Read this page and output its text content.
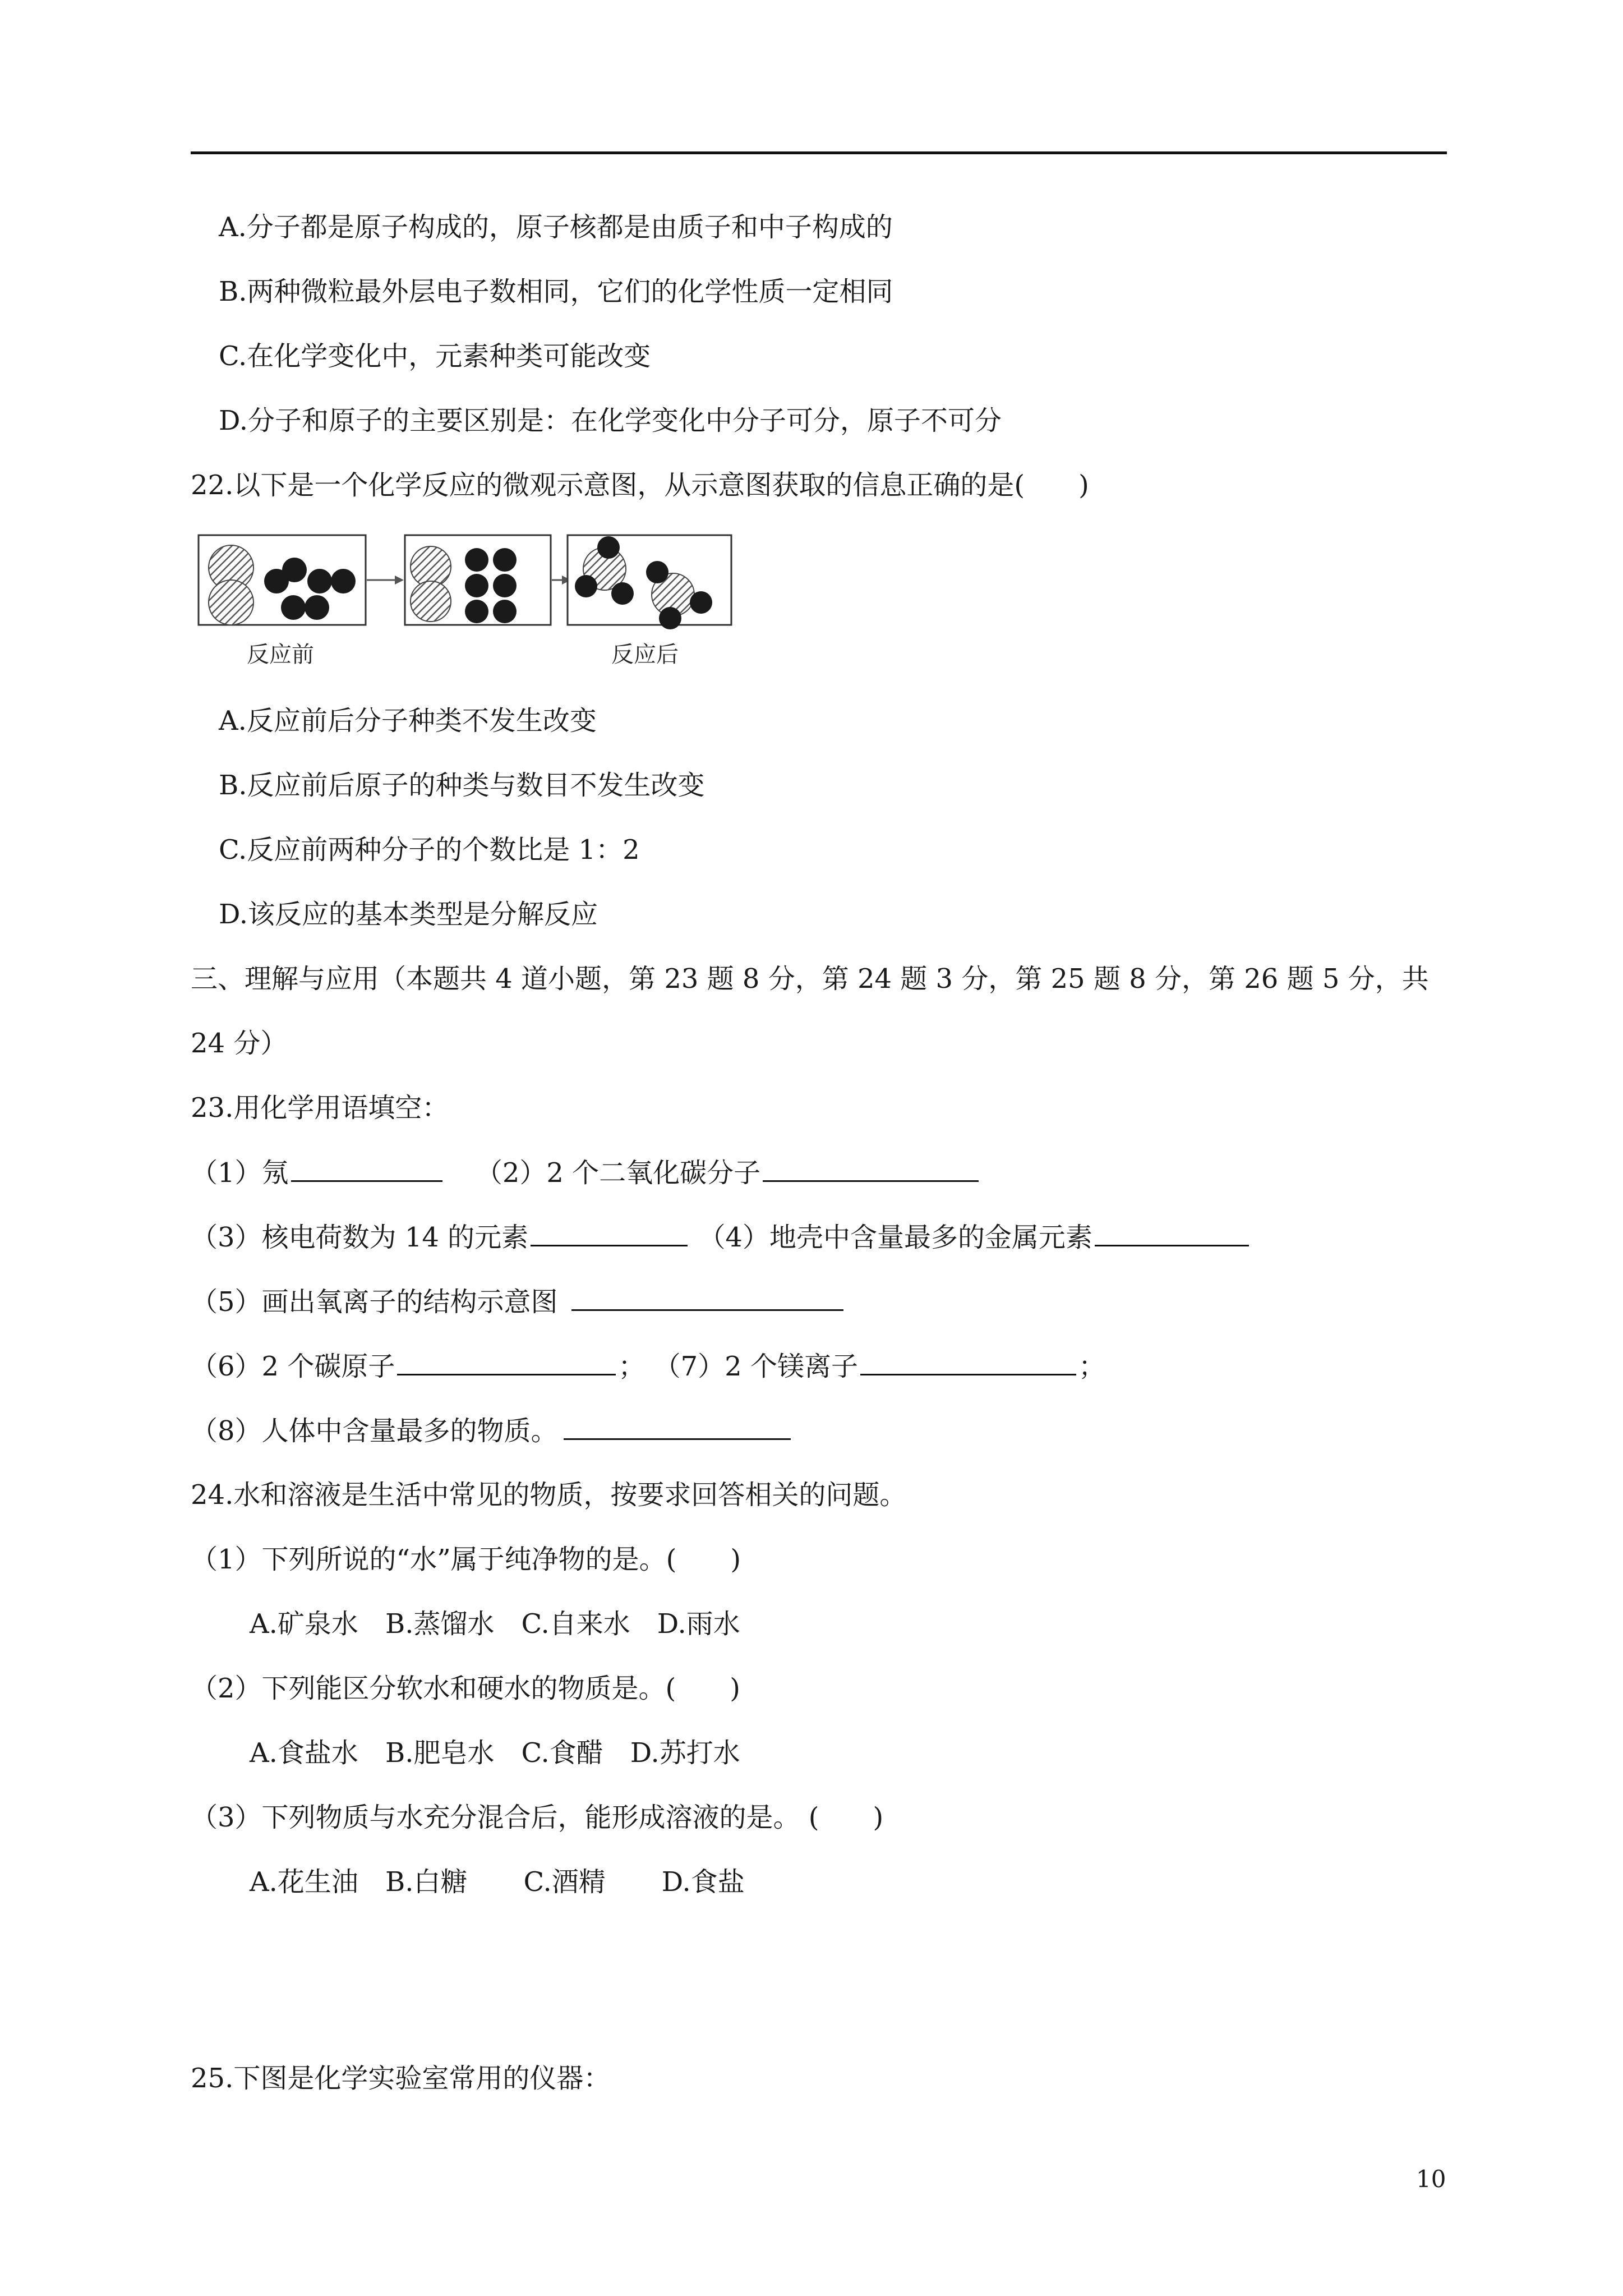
A.分子都是原子构成的，原子核都是由质子和中子构成的
B.两种微粒最外层电子数相同，它们的化学性质一定相同
C.在化学变化中，元素种类可能改变
D.分子和原子的主要区别是：在化学变化中分子可分，原子不可分
22.以下是一个化学反应的微观示意图，从示意图获取的信息正确的是(　　)
反应前	反应后
A.反应前后分子种类不发生改变
B.反应前后原子的种类与数目不发生改变
C.反应前两种分子的个数比是 1：2
D.该反应的基本类型是分解反应
三、理解与应用（本题共 4 道小题，第 23 题 8 分，第 24 题 3 分，第 25 题 8 分，第 26 题 5 分，共
24 分）
23.用化学用语填空：
（1）氖	（2）2 个二氧化碳分子
（3）核电荷数为 14 的元素	（4）地壳中含量最多的金属元素
（5）画出氧离子的结构示意图
（6）2 个碳原子	； （7）2 个镁离子	；
（8）人体中含量最多的物质。
24.水和溶液是生活中常见的物质，按要求回答相关的问题。
（1）下列所说的“水”属于纯净物的是。(　　)
A.矿泉水 B.蒸馏水 C.自来水 D.雨水
（2）下列能区分软水和硬水的物质是。(　　)
A.食盐水 B.肥皂水 C.食醋 D.苏打水
（3）下列物质与水充分混合后，能形成溶液的是。 (　　)
A.花生油 B.白糖 C.酒精 D.食盐
25.下图是化学实验室常用的仪器：
10
